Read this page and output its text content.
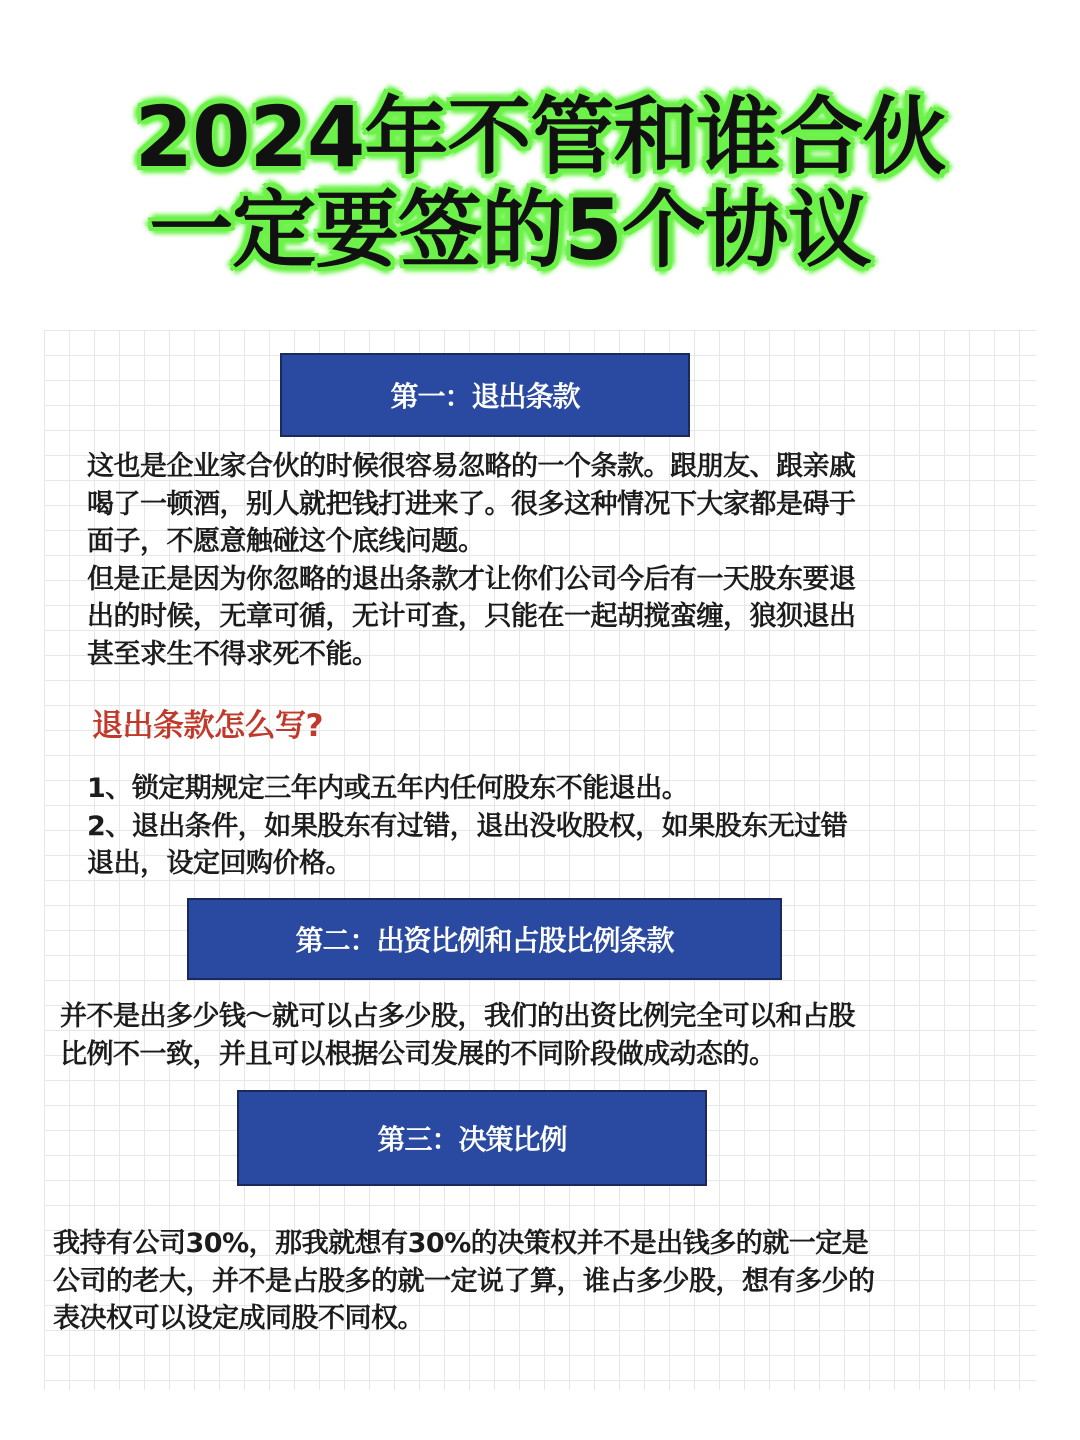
2024年不管和谁合伙
一定要签的5个协议
第一：退出条款
这也是企业家合伙的时候很容易忽略的一个条款。跟朋友、跟亲戚
喝了一顿酒，别人就把钱打进来了。很多这种情况下大家都是碍于
面子，不愿意触碰这个底线问题。
但是正是因为你忽略的退出条款才让你们公司今后有一天股东要退
出的时候，无章可循，无计可查，只能在一起胡搅蛮缠，狼狈退出
甚至求生不得求死不能。
退出条款怎么写?
1、锁定期规定三年内或五年内任何股东不能退出。
2、退出条件，如果股东有过错，退出没收股权，如果股东无过错
退出，设定回购价格。
第二：出资比例和占股比例条款
并不是出多少钱～就可以占多少股，我们的出资比例完全可以和占股
比例不一致，并且可以根据公司发展的不同阶段做成动态的。
第三：决策比例
我持有公司30%，那我就想有30%的决策权并不是出钱多的就一定是
公司的老大，并不是占股多的就一定说了算，谁占多少股，想有多少的
表决权可以设定成同股不同权。
